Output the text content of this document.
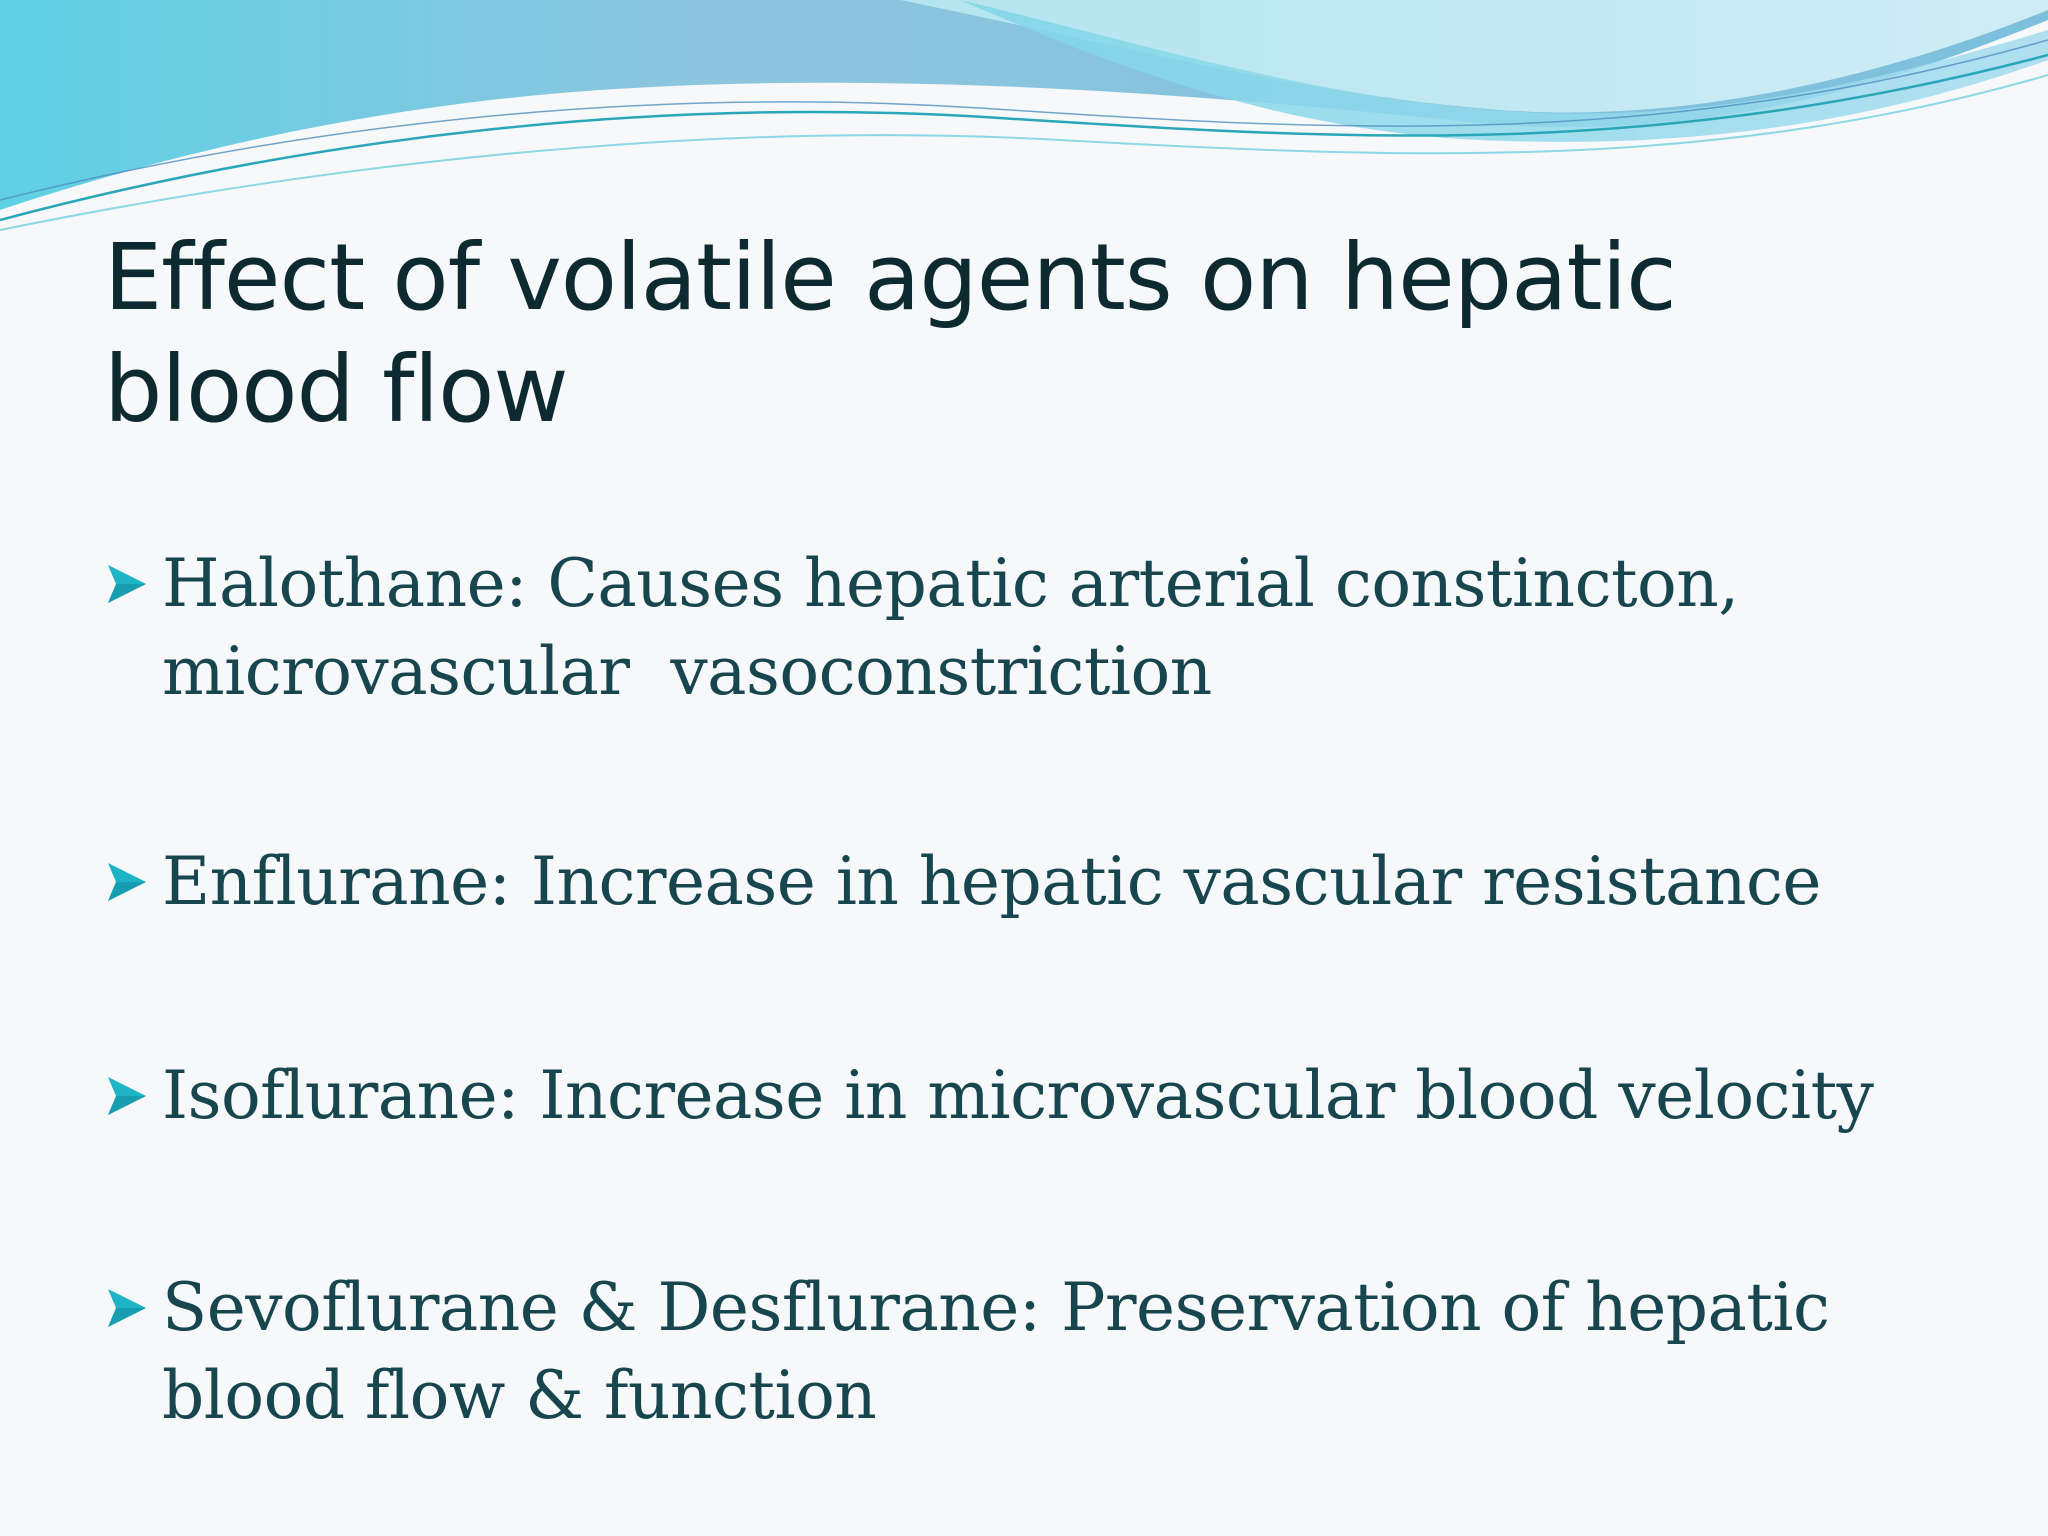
Effect of volatile agents on hepatic blood flow
Halothane: Causes hepatic arterial constincton, microvascular  vasoconstriction
Enflurane: Increase in hepatic vascular resistance
Isoflurane: Increase in microvascular blood velocity
Sevoflurane & Desflurane: Preservation of hepatic blood flow & function
